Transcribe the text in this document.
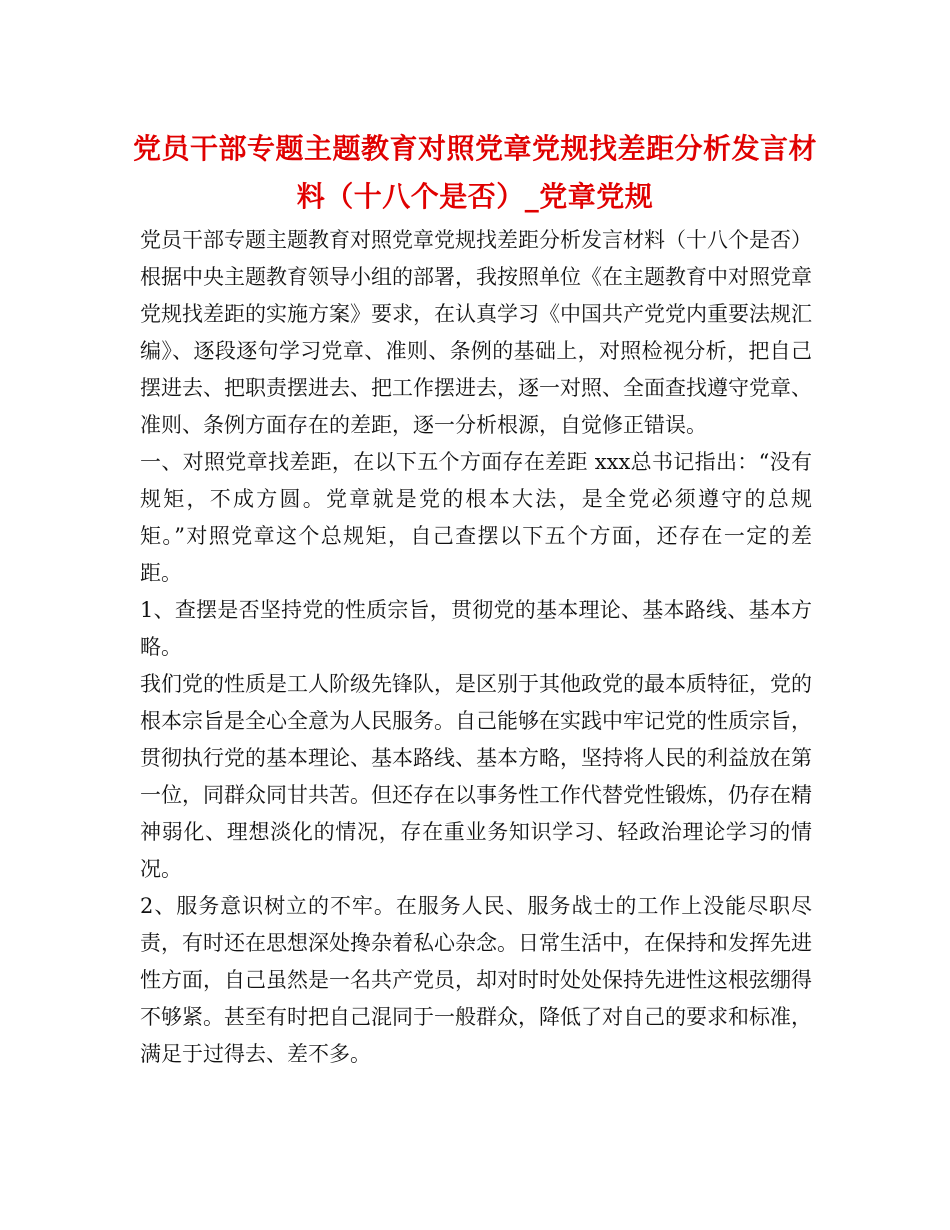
党员干部专题主题教育对照党章党规找差距分析发言材料（十八个是否）_党章党规

党员干部专题主题教育对照党章党规找差距分析发言材料（十八个是否） 根据中央主题教育领导小组的部署，我按照单位《在主题教育中对照党章党规找差距的实施方案》要求，在认真学习《中国共产党党内重要法规汇编》、逐段逐句学习党章、准则、条例的基础上，对照检视分析，把自己摆进去、把职责摆进去、把工作摆进去，逐一对照、全面查找遵守党章、准则、条例方面存在的差距，逐一分析根源，自觉修正错误。

一、对照党章找差距，在以下五个方面存在差距 xxx总书记指出：“没有规矩，不成方圆。党章就是党的根本大法，是全党必须遵守的总规矩。”对照党章这个总规矩，自己查摆以下五个方面，还存在一定的差距。

1、查摆是否坚持党的性质宗旨，贯彻党的基本理论、基本路线、基本方略。

我们党的性质是工人阶级先锋队，是区别于其他政党的最本质特征，党的根本宗旨是全心全意为人民服务。自己能够在实践中牢记党的性质宗旨，贯彻执行党的基本理论、基本路线、基本方略，坚持将人民的利益放在第一位，同群众同甘共苦。但还存在以事务性工作代替党性锻炼，仍存在精神弱化、理想淡化的情况，存在重业务知识学习、轻政治理论学习的情况。

2、服务意识树立的不牢。在服务人民、服务战士的工作上没能尽职尽责，有时还在思想深处搀杂着私心杂念。日常生活中，在保持和发挥先进性方面，自己虽然是一名共产党员，却对时时处处保持先进性这根弦绷得不够紧。甚至有时把自己混同于一般群众，降低了对自己的要求和标准，满足于过得去、差不多。
